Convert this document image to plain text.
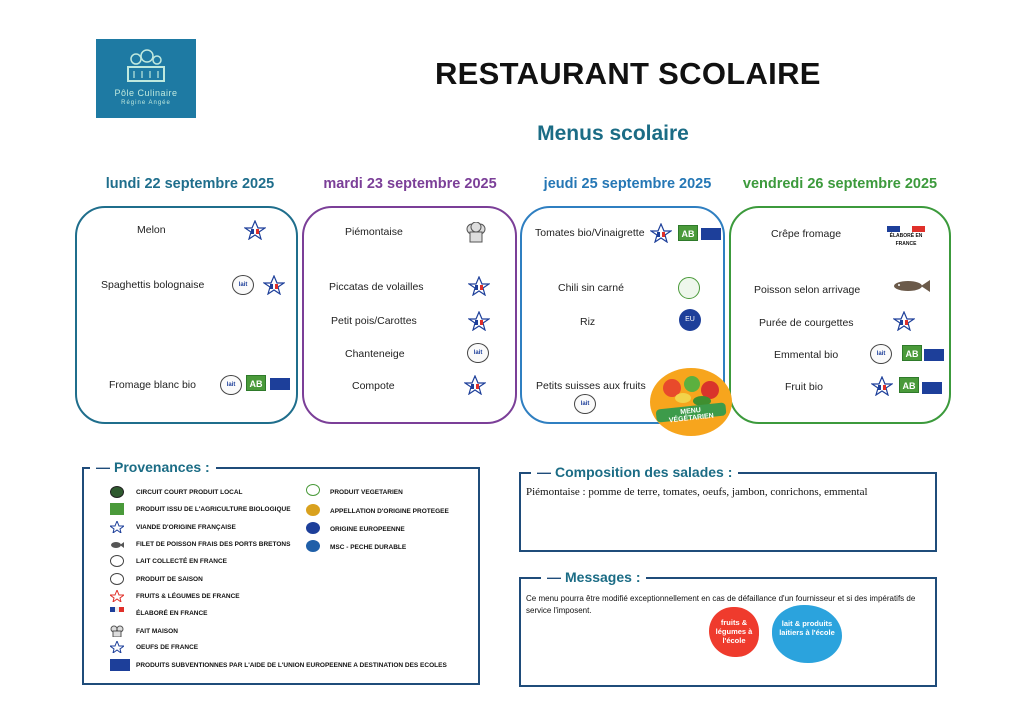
Pôle Culinaire
Régine Angée
RESTAURANT SCOLAIRE
Menus scolaire
lundi 22 septembre 2025	mardi 23 septembre 2025	jeudi 25 septembre 2025	vendredi 26 septembre 2025
Melon
Spaghettis bolognaise	lait
Fromage blanc bio	lait	AB
Piémontaise
Piccatas de volailles
Petit pois/Carottes
Chanteneige	lait
Compote
Tomates bio/Vinaigrette	AB
Chili sin carné
Riz	EU
Petits suisses aux fruits
lait
MENU VÉGÉTARIEN
Crêpe fromage	ÉLABORÉ EN FRANCE
Poisson selon arrivage
Purée de courgettes
Emmental bio	lait	AB
Fruit bio	AB
— Provenances :
CIRCUIT COURT PRODUIT LOCAL
PRODUIT ISSU DE L'AGRICULTURE BIOLOGIQUE
VIANDE D'ORIGINE FRANÇAISE
FILET DE POISSON FRAIS DES PORTS BRETONS
LAIT COLLECTÉ EN FRANCE
PRODUIT DE SAISON
FRUITS & LÉGUMES DE FRANCE
ÉLABORÉ EN FRANCE
FAIT MAISON
OEUFS DE FRANCE
PRODUITS SUBVENTIONNES PAR L'AIDE DE L'UNION EUROPEENNE A DESTINATION DES ECOLES
PRODUIT VEGETARIEN
APPELLATION D'ORIGINE PROTEGEE
ORIGINE EUROPEENNE
MSC - PECHE DURABLE
— Composition des salades :
Piémontaise : pomme de terre, tomates, oeufs, jambon, conrichons, emmental
— Messages :
Ce menu pourra être modifié exceptionnellement en cas de défaillance d'un fournisseur et si des impératifs de service l'imposent.
fruits & légumes à l'école
lait & produits laitiers à l'école
